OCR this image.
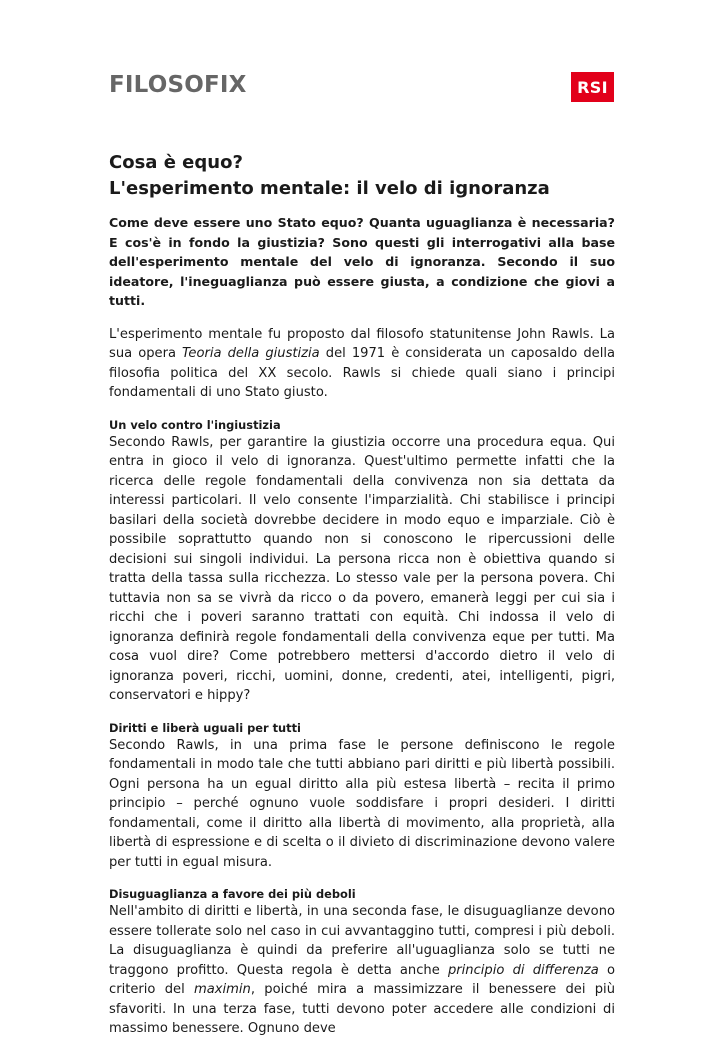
FILOSOFIX	RSI
Cosa è equo?
L'esperimento mentale: il velo di ignoranza

Come deve essere uno Stato equo? Quanta uguaglianza è necessaria? E cos'è in fondo la giustizia? Sono questi gli interrogativi alla base dell'esperimento mentale del velo di ignoranza. Secondo il suo ideatore, l'ineguaglianza può essere giusta, a condizione che giovi a tutti.

L'esperimento mentale fu proposto dal filosofo statunitense John Rawls. La sua opera Teoria della giustizia del 1971 è considerata un caposaldo della filosofia politica del XX secolo. Rawls si chiede quali siano i principi fondamentali di uno Stato giusto.

Un velo contro l'ingiustizia

Secondo Rawls, per garantire la giustizia occorre una procedura equa. Qui entra in gioco il velo di ignoranza. Quest'ultimo permette infatti che la ricerca delle regole fondamentali della convivenza non sia dettata da interessi particolari. Il velo consente l'imparzialità. Chi stabilisce i principi basilari della società dovrebbe decidere in modo equo e imparziale. Ciò è possibile soprattutto quando non si conoscono le ripercussioni delle decisioni sui singoli individui. La persona ricca non è obiettiva quando si tratta della tassa sulla ricchezza. Lo stesso vale per la persona povera. Chi tuttavia non sa se vivrà da ricco o da povero, emanerà leggi per cui sia i ricchi che i poveri saranno trattati con equità. Chi indossa il velo di ignoranza definirà regole fondamentali della convivenza eque per tutti. Ma cosa vuol dire? Come potrebbero mettersi d'accordo dietro il velo di ignoranza poveri, ricchi, uomini, donne, credenti, atei, intelligenti, pigri, conservatori e hippy?

Diritti e liberà uguali per tutti

Secondo Rawls, in una prima fase le persone definiscono le regole fondamentali in modo tale che tutti abbiano pari diritti e più libertà possibili. Ogni persona ha un egual diritto alla più estesa libertà – recita il primo principio – perché ognuno vuole soddisfare i propri desideri. I diritti fondamentali, come il diritto alla libertà di movimento, alla proprietà, alla libertà di espressione e di scelta o il divieto di discriminazione devono valere per tutti in egual misura.

Disuguaglianza a favore dei più deboli

Nell'ambito di diritti e libertà, in una seconda fase, le disuguaglianze devono essere tollerate solo nel caso in cui avvantaggino tutti, compresi i più deboli. La disuguaglianza è quindi da preferire all'uguaglianza solo se tutti ne traggono profitto. Questa regola è detta anche principio di differenza o criterio del maximin, poiché mira a massimizzare il benessere dei più sfavoriti. In una terza fase, tutti devono poter accedere alle condizioni di massimo benessere. Ognuno deve
